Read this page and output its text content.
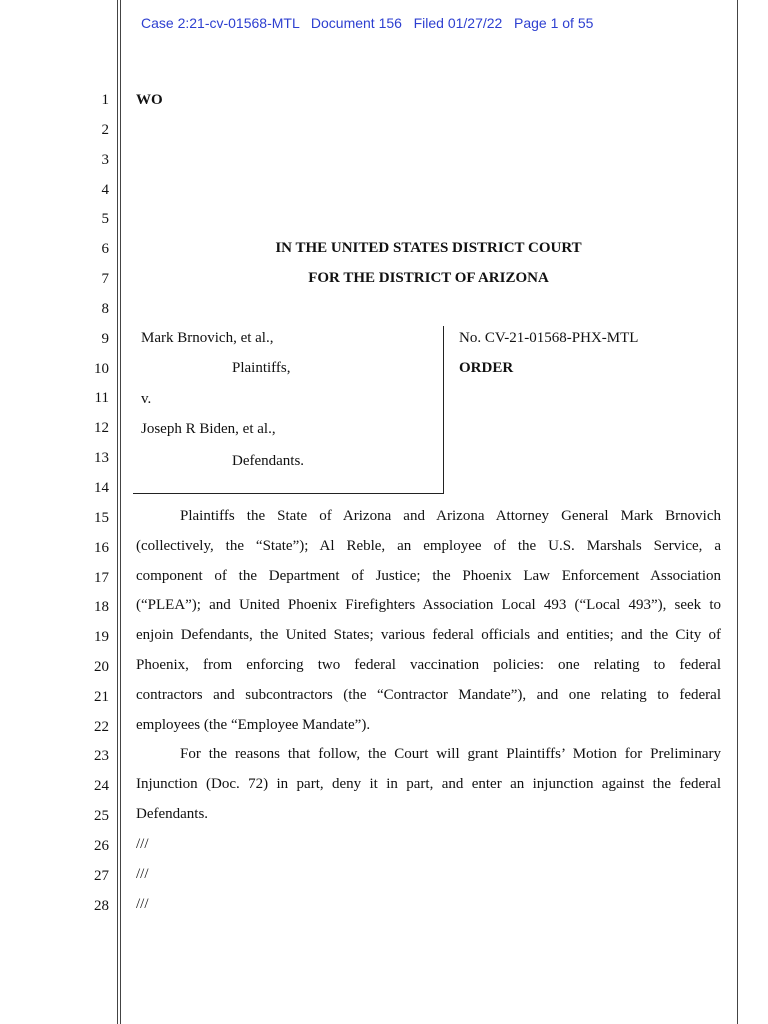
Case 2:21-cv-01568-MTL   Document 156   Filed 01/27/22   Page 1 of 55
1
2
3
4
5
6
7
8
9
10
11
12
13
14
15
16
17
18
19
20
21
22
23
24
25
26
27
28
WO
IN THE UNITED STATES DISTRICT COURT
FOR THE DISTRICT OF ARIZONA
Mark Brnovich, et al.,
Plaintiffs,
v.
Joseph R Biden, et al.,
Defendants.
No. CV-21-01568-PHX-MTL
ORDER
Plaintiffs the State of Arizona and Arizona Attorney General Mark Brnovich
(collectively, the “State”); Al Reble, an employee of the U.S. Marshals Service, a
component of the Department of Justice; the Phoenix Law Enforcement Association
(“PLEA”); and United Phoenix Firefighters Association Local 493 (“Local 493”), seek to
enjoin Defendants, the United States; various federal officials and entities; and the City of
Phoenix, from enforcing two federal vaccination policies: one relating to federal
contractors and subcontractors (the “Contractor Mandate”), and one relating to federal
employees (the “Employee Mandate”).
For the reasons that follow, the Court will grant Plaintiffs’ Motion for Preliminary
Injunction (Doc. 72) in part, deny it in part, and enter an injunction against the federal
Defendants.
///
///
///
